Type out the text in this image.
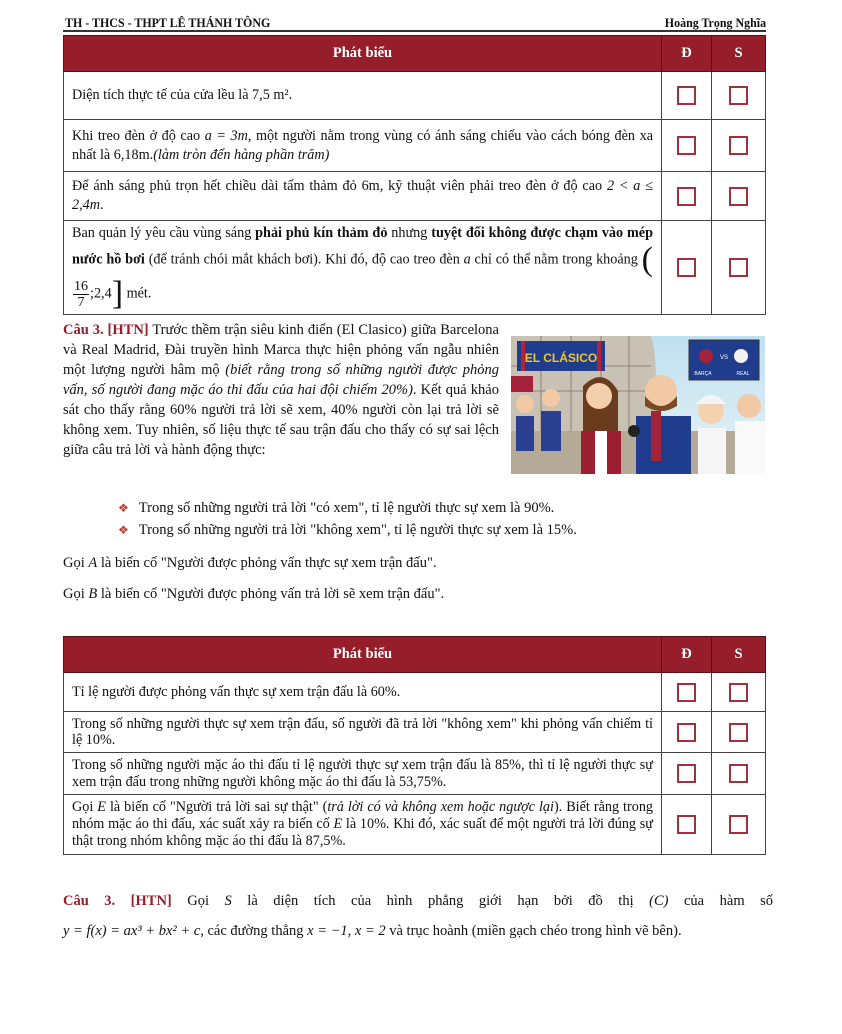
TH - THCS - THPT LÊ THÁNH TÔNG	Hoàng Trọng Nghĩa
Phát biểu	Đ	S
Diện tích thực tế của cửa lều là 7,5 m².		
Khi treo đèn ở độ cao a = 3m, một người nằm trong vùng có ánh sáng chiếu vào cách bóng đèn xa nhất là 6,18m.(làm tròn đến hàng phần trăm)		
Để ánh sáng phủ trọn hết chiều dài tấm thảm đỏ 6m, kỹ thuật viên phải treo đèn ở độ cao 2 < a ≤ 2,4m.		
Ban quản lý yêu cầu vùng sáng phải phủ kín thảm đỏ nhưng tuyệt đối không được chạm vào mép nước hồ bơi (để tránh chói mắt khách bơi). Khi đó, độ cao treo đèn a chỉ có thể nằm trong khoảng (
$\frac{16}{7}$ ;2,4] mét.		
Câu 3. [HTN] Trước thềm trận siêu kinh điển (El Clasico) giữa Barcelona và Real Madrid, Đài truyền hình Marca thực hiện phỏng vấn ngẫu nhiên một lượng người hâm mộ (biết rằng trong số những người được phỏng vấn, số người đang mặc áo thi đấu của hai đội chiếm 20%). Kết quả khảo sát cho thấy rằng 60% người trả lời sẽ xem, 40% người còn lại trả lời sẽ không xem. Tuy nhiên, số liệu thực tế sau trận đấu cho thấy có sự sai lệch giữa câu trả lời và hành động thực:
EL CLÁSICO
BARÇA
VS
REAL
❖ Trong số những người trả lời "có xem", tỉ lệ người thực sự xem là 90%.
❖ Trong số những người trả lời "không xem", tỉ lệ người thực sự xem là 15%.
Gọi A là biến cố "Người được phỏng vấn thực sự xem trận đấu".
Gọi B là biến cố "Người được phỏng vấn trả lời sẽ xem trận đấu".
Phát biểu	Đ	S
Tỉ lệ người được phỏng vấn thực sự xem trận đấu là 60%.		
Trong số những người thực sự xem trận đấu, số người đã trả lời "không xem" khi phỏng vấn chiếm tỉ lệ 10%.		
Trong số những người mặc áo thi đấu tỉ lệ người thực sự xem trận đấu là 85%, thì tỉ lệ người thực sự xem trận đấu trong những người không mặc áo thi đấu là 53,75%.		
Gọi E là biến cố "Người trả lời sai sự thật" (trả lời có và không xem hoặc ngược lại). Biết rằng trong nhóm mặc áo thi đấu, xác suất xảy ra biến cố E là 10%. Khi đó, xác suất để một người trả lời đúng sự thật trong nhóm không mặc áo thi đấu là 87,5%.		
Câu 3. [HTN] Gọi S là diện tích của hình phẳng giới hạn bởi đồ thị (C) của hàm số
y = f(x) = ax³ + bx² + c, các đường thẳng x = −1, x = 2 và trục hoành (miền gạch chéo trong hình vẽ bên).
